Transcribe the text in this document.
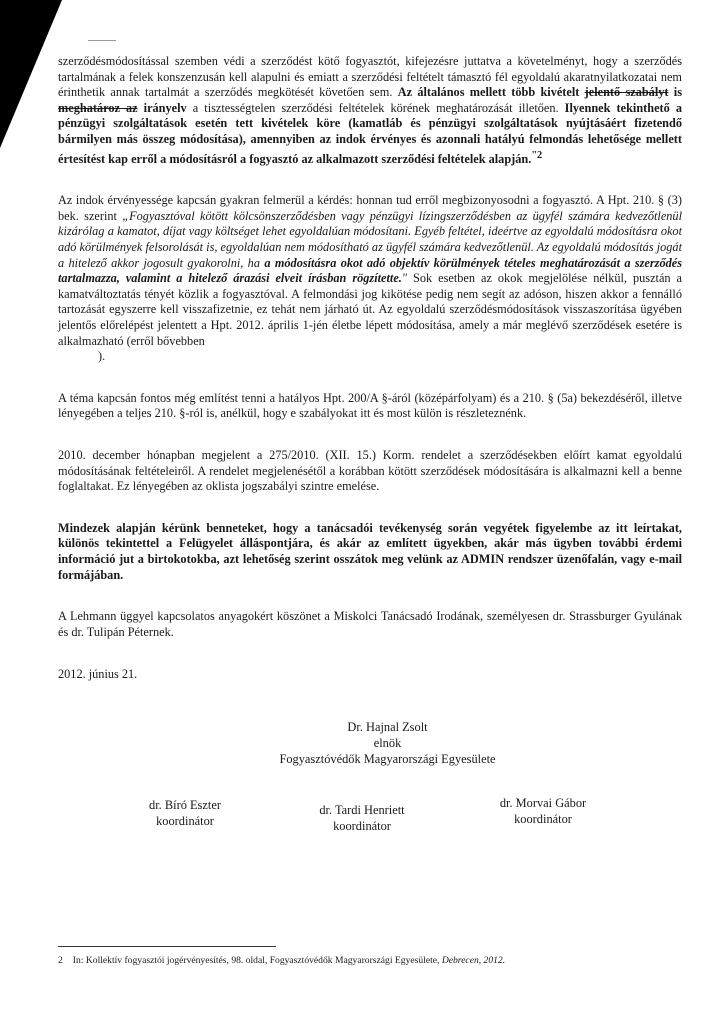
szerződésmódosítással szemben védi a szerződést kötő fogyasztót, kifejezésre juttatva a követelményt, hogy a szerződés tartalmának a felek konszenzusán kell alapulni és emiatt a szerződési feltételt támasztó fél egyoldalú akaratnyilatkozatai nem érinthetik annak tartalmát a szerződés megkötését követően sem. Az általános mellett több kivételt jelentő szabályt is meghatároz az irányelv a tisztességtelen szerződési feltételek körének meghatározását illetően. Ilyennek tekinthető a pénzügyi szolgáltatások esetén tett kivételek köre (kamatláb és pénzügyi szolgáltatások nyújtásáért fizetendő bármilyen más összeg módosítása), amennyiben az indok érvényes és azonnali hatályú felmondás lehetősége mellett értesítést kap erről a módosításról a fogyasztó az alkalmazott szerződési feltételek alapján.$^{"2}$

Az indok érvényessége kapcsán gyakran felmerül a kérdés: honnan tud erről megbizonyosodni a fogyasztó. A Hpt. 210. § (3) bek. szerint „Fogyasztóval kötött kölcsönszerződésben vagy pénzügyi lízingszerződésben az ügyfél számára kedvezőtlenül kizárólag a kamatot, díjat vagy költséget lehet egyoldalúan módosítani. Egyéb feltétel, ideértve az egyoldalú módosításra okot adó körülmények felsorolását is, egyoldalúan nem módosítható az ügyfél számára kedvezőtlenül. Az egyoldalú módosítás jogát a hitelező akkor jogosult gyakorolni, ha a módosításra okot adó objektív körülmények tételes meghatározását a szerződés tartalmazza, valamint a hitelező árazási elveit írásban rögzítette." Sok esetben az okok megjelölése nélkül, pusztán a kamatváltoztatás tényét közlik a fogyasztóval. A felmondási jog kikötése pedig nem segít az adóson, hiszen akkor a fennálló tartozását egyszerre kell visszafizetnie, ez tehát nem járható út. Az egyoldalú szerződésmódosítások visszaszorítása ügyében jelentős előrelépést jelentett a Hpt. 2012. április 1-jén életbe lépett módosítása, amely a már meglévő szerződések esetére is alkalmazható (erről bővebben
).

A téma kapcsán fontos még említést tenni a hatályos Hpt. 200/A §-áról (középárfolyam) és a 210. § (5a) bekezdéséről, illetve lényegében a teljes 210. §-ról is, anélkül, hogy e szabályokat itt és most külön is részleteznénk.

2010. december hónapban megjelent a 275/2010. (XII. 15.) Korm. rendelet a szerződésekben előírt kamat egyoldalú módosításának feltételeiről. A rendelet megjelenésétől a korábban kötött szerződések módosítására is alkalmazni kell a benne foglaltakat. Ez lényegében az oklista jogszabályi szintre emelése.

Mindezek alapján kérünk benneteket, hogy a tanácsadói tevékenység során vegyétek figyelembe az itt leírtakat, különös tekintettel a Felügyelet álláspontjára, és akár az említett ügyekben, akár más ügyben további érdemi információ jut a birtokotokba, azt lehetőség szerint osszátok meg velünk az ADMIN rendszer üzenőfalán, vagy e-mail formájában.

A Lehmann üggyel kapcsolatos anyagokért köszönet a Miskolci Tanácsadó Irodának, személyesen dr. Strassburger Gyulának és dr. Tulipán Péternek.

2012. június 21.

Dr. Hajnal Zsolt
elnök
Fogyasztóvédők Magyarországi Egyesülete
dr. Bíró Eszter
koordinátor
dr. Tardi Henriett
koordinátor
dr. Morvai Gábor
koordinátor
2 In: Kollektív fogyasztói jogérvényesítés, 98. oldal, Fogyasztóvédők Magyarországi Egyesülete, Debrecen, 2012.
